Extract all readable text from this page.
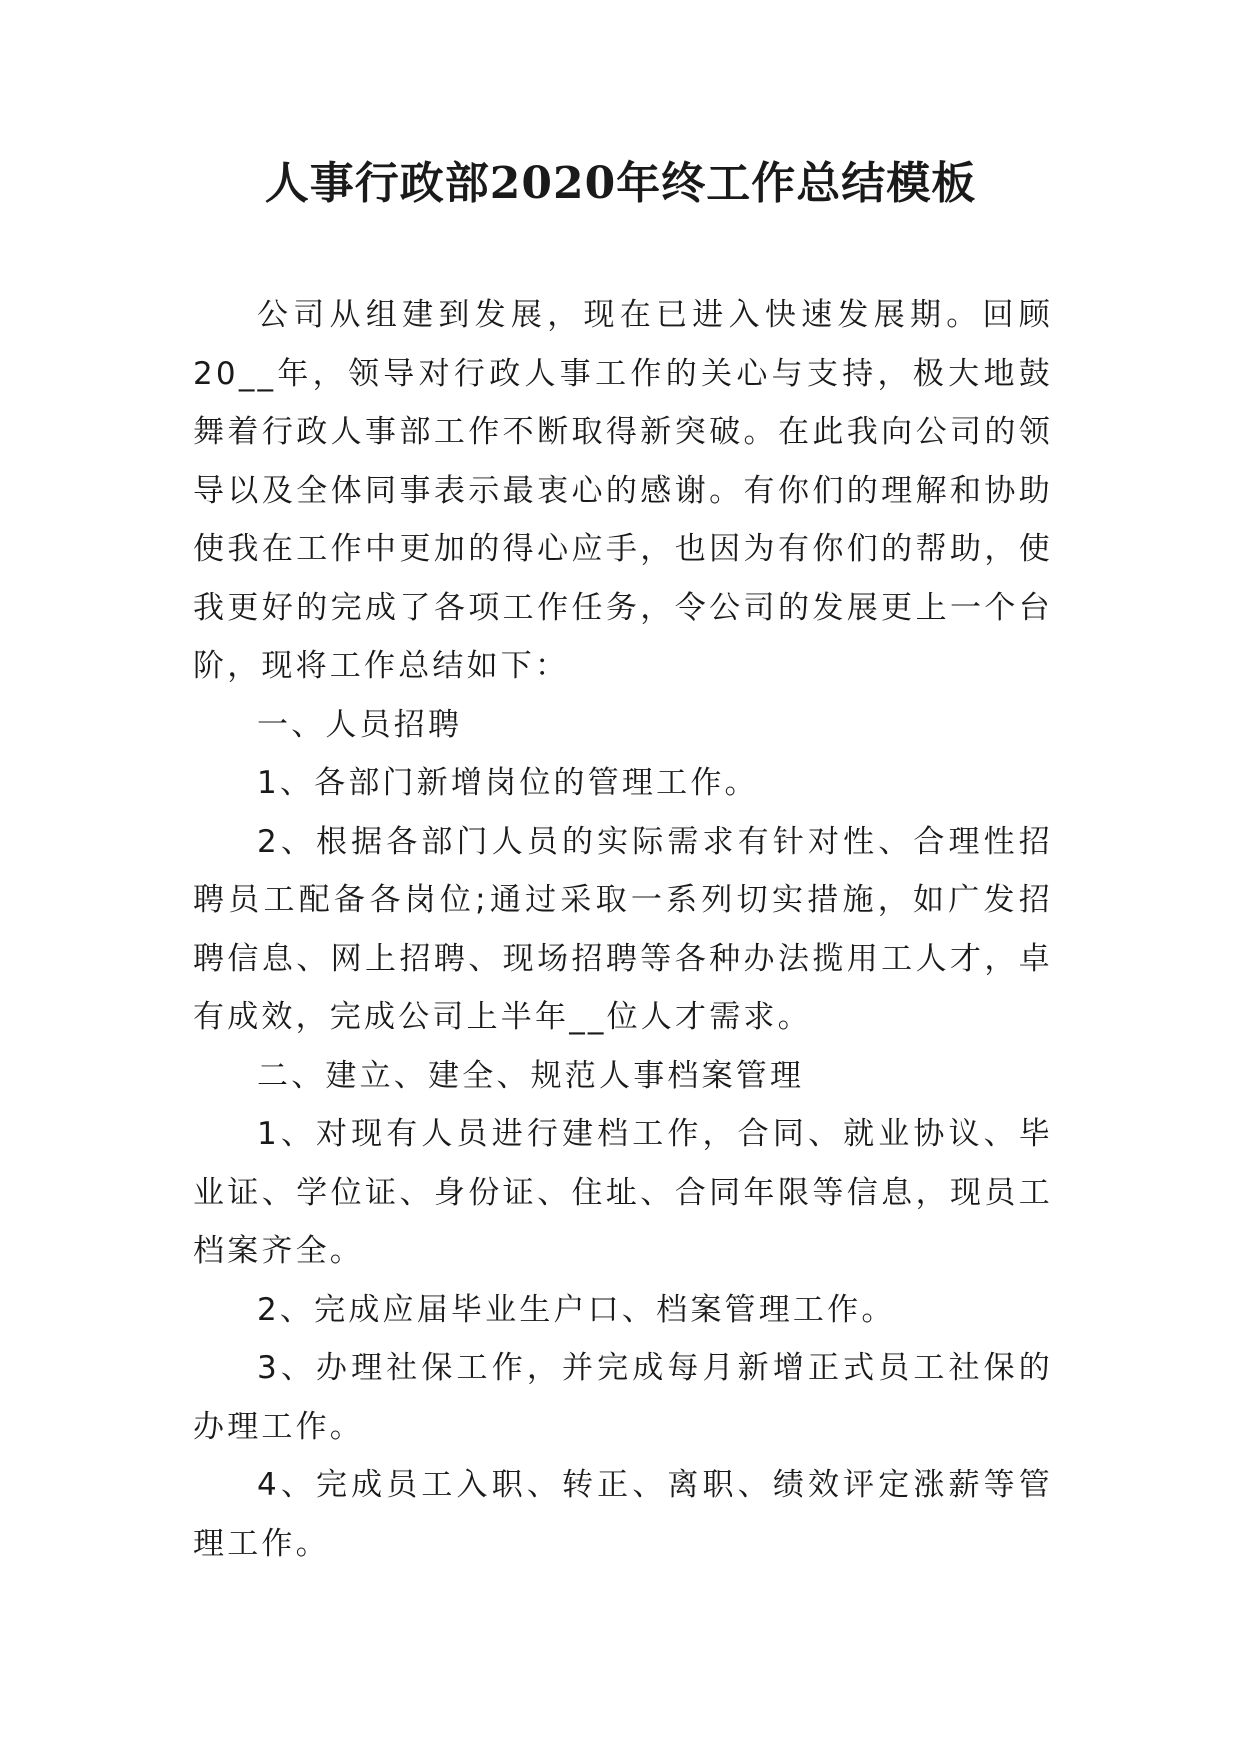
人事行政部2020年终工作总结模板

公司从组建到发展，现在已进入快速发展期。回顾20__年，领导对行政人事工作的关心与支持，极大地鼓舞着行政人事部工作不断取得新突破。在此我向公司的领导以及全体同事表示最衷心的感谢。有你们的理解和协助使我在工作中更加的得心应手，也因为有你们的帮助，使我更好的完成了各项工作任务，令公司的发展更上一个台阶，现将工作总结如下：

一、人员招聘

1、各部门新增岗位的管理工作。

2、根据各部门人员的实际需求有针对性、合理性招聘员工配备各岗位;通过采取一系列切实措施，如广发招聘信息、网上招聘、现场招聘等各种办法揽用工人才，卓有成效，完成公司上半年__位人才需求。

二、建立、建全、规范人事档案管理

1、对现有人员进行建档工作，合同、就业协议、毕业证、学位证、身份证、住址、合同年限等信息，现员工档案齐全。

2、完成应届毕业生户口、档案管理工作。

3、办理社保工作，并完成每月新增正式员工社保的办理工作。

4、完成员工入职、转正、离职、绩效评定涨薪等管理工作。
